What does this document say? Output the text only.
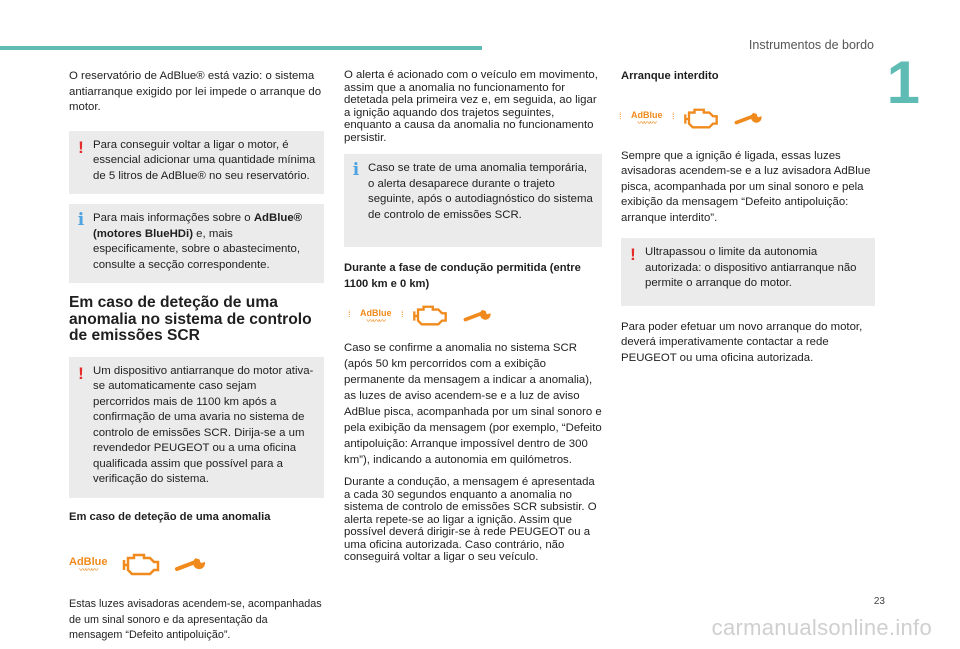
Instrumentos de bordo
1

O reservatório de AdBlue® está vazio: o sistema antiarranque exigido por lei impede o arranque do motor.

! Para conseguir voltar a ligar o motor, é essencial adicionar uma quantidade mínima de 5 litros de AdBlue® no seu reservatório.

i Para mais informações sobre o AdBlue® (motores BlueHDi) e, mais especificamente, sobre o abastecimento, consulte a secção correspondente.

Em caso de deteção de uma anomalia no sistema de controlo de emissões SCR
! Um dispositivo antiarranque do motor ativa-se automaticamente caso sejam percorridos mais de 1100 km após a confirmação de uma avaria no sistema de controlo de emissões SCR. Dirija-se a um revendedor PEUGEOT ou a uma oficina qualificada assim que possível para a verificação do sistema.

Em caso de deteção de uma anomalia
AdBlue
〰〰〰

Estas luzes avisadoras acendem-se, acompanhadas de um sinal sonoro e da apresentação da mensagem “Defeito antipoluição”.

O alerta é acionado com o veículo em movimento, assim que a anomalia no funcionamento for detetada pela primeira vez e, em seguida, ao ligar a ignição aquando dos trajetos seguintes, enquanto a causa da anomalia no funcionamento persistir.

i Caso se trate de uma anomalia temporária, o alerta desaparece durante o trajeto seguinte, após o autodiagnóstico do sistema de controlo de emissões SCR.

Durante a fase de condução permitida (entre 1100 km e 0 km)
⁞ AdBlue
〰〰〰
⁞

Caso se confirme a anomalia no sistema SCR (após 50 km percorridos com a exibição permanente da mensagem a indicar a anomalia), as luzes de aviso acendem-se e a luz de aviso AdBlue pisca, acompanhada por um sinal sonoro e pela exibição da mensagem (por exemplo, “Defeito antipoluição: Arranque impossível dentro de 300 km”), indicando a autonomia em quilómetros.

Durante a condução, a mensagem é apresentada a cada 30 segundos enquanto a anomalia no sistema de controlo de emissões SCR subsistir. O alerta repete-se ao ligar a ignição. Assim que possível deverá dirigir-se à rede PEUGEOT ou a uma oficina autorizada. Caso contrário, não conseguirá voltar a ligar o seu veículo.

Arranque interdito
⁞ AdBlue
〰〰〰
⁞

Sempre que a ignição é ligada, essas luzes avisadoras acendem-se e a luz avisadora AdBlue pisca, acompanhada por um sinal sonoro e pela exibição da mensagem “Defeito antipoluição: arranque interdito”.

! Ultrapassou o limite da autonomia autorizada: o dispositivo antiarranque não permite o arranque do motor.

Para poder efetuar um novo arranque do motor, deverá imperativamente contactar a rede PEUGEOT ou uma oficina autorizada.

23
carmanualsonline.info
